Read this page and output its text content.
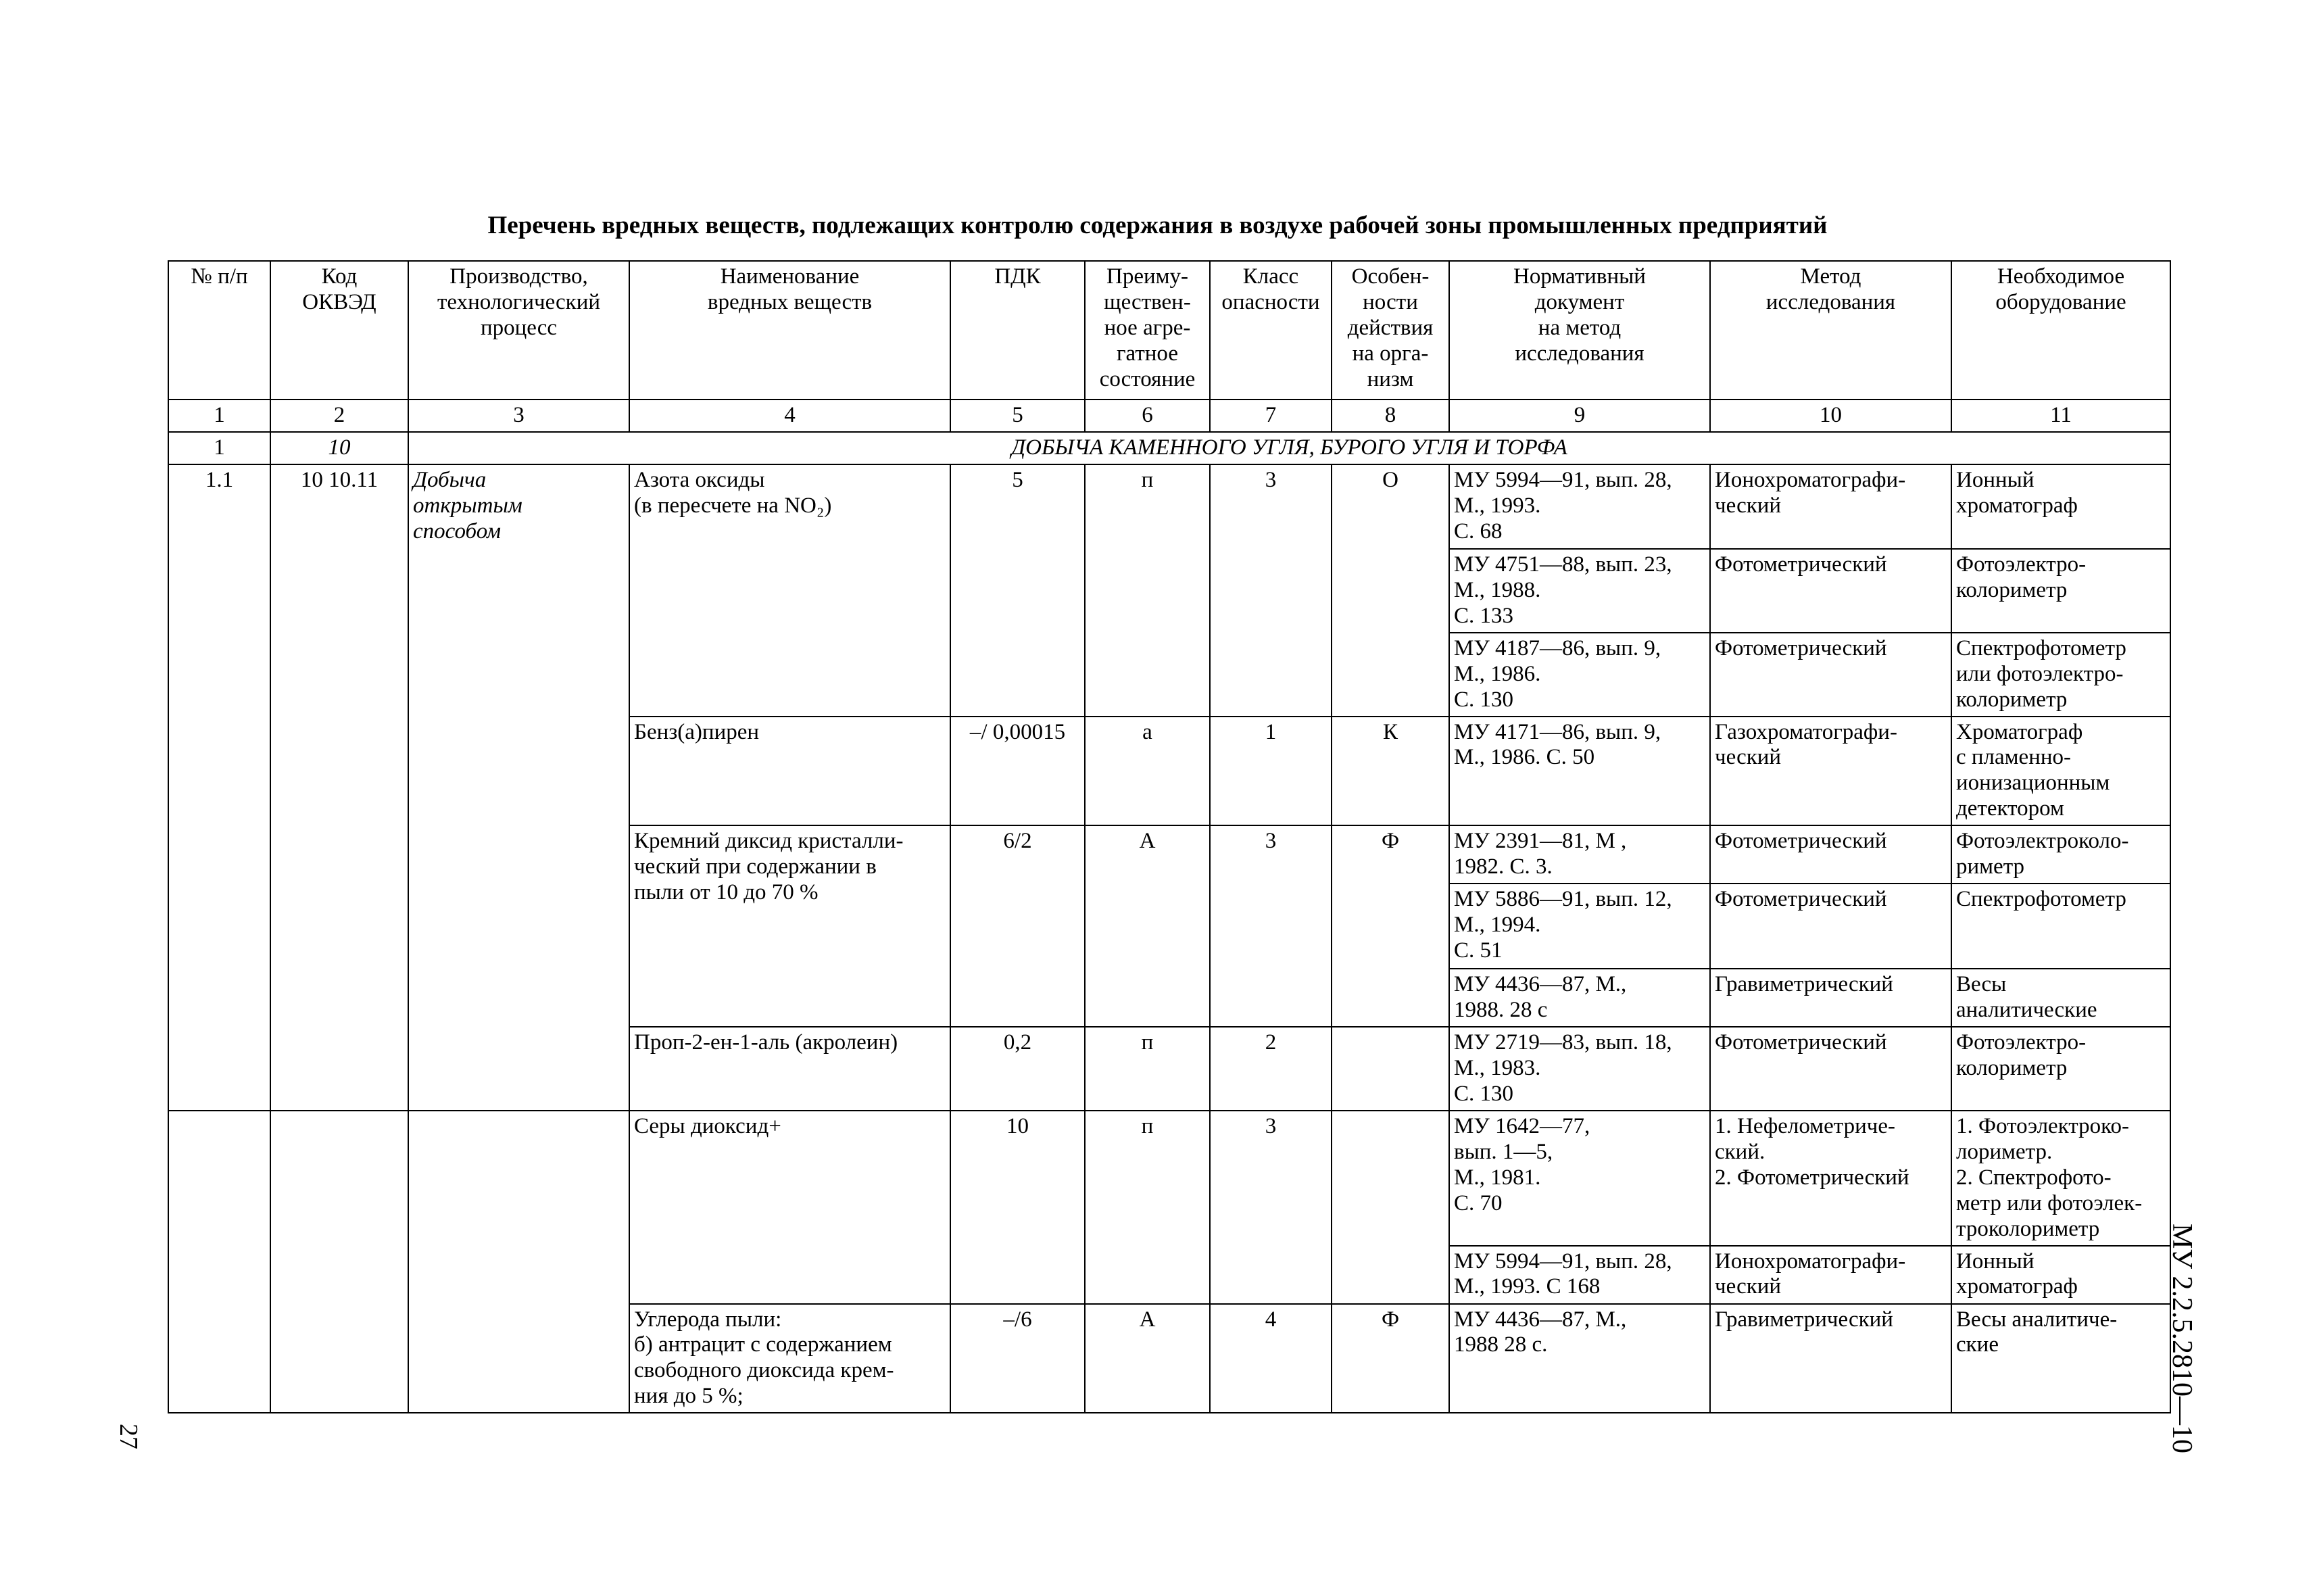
Перечень вредных веществ, подлежащих контролю содержания в воздухе рабочей зоны промышленных предприятий
№ п/п	Код
ОКВЭД	Производство,
технологический
процесс	Наименование
вредных веществ	ПДК	Преиму-
ществен-
ное агре-
гатное
состояние	Класс
опасности	Особен-
ности
действия
на орга-
низм	Нормативный
документ
на метод
исследования	Метод
исследования	Необходимое
оборудование
1	2	3	4	5	6	7	8	9	10	11
1	10	ДОБЫЧА КАМЕННОГО УГЛЯ, БУРОГО УГЛЯ И ТОРФА								
1.1	10 10.11	Добыча
открытым
способом	Азота оксиды
(в пересчете на NO₂)	5	п	3	О	МУ 5994—91, вып. 28,
М., 1993.
С. 68	Ионохроматографи-
ческий	Ионный
хроматограф
								МУ 4751—88, вып. 23,
М., 1988.
С. 133	Фотометрический	Фотоэлектро-
колориметр
								МУ 4187—86, вып. 9,
М., 1986.
С. 130	Фотометрический	Спектрофотометр
или фотоэлектро-
колориметр
			Бенз(а)пирен	–/ 0,00015	а	1	К	МУ 4171—86, вып. 9,
М., 1986. С. 50	Газохроматографи-
ческий	Хроматограф
с пламенно-
ионизационным
детектором
			Кремний диксид кристалли-
ческий при содержании в
пыли от 10 до 70 %	6/2	А	3	Ф	МУ 2391—81, М ,
1982. С. 3.	Фотометрический	Фотоэлектроколо-
риметр
								МУ 5886—91, вып. 12,
М., 1994.
С. 51	Фотометрический	Спектрофотометр
								МУ 4436—87, М.,
1988. 28 с	Гравиметрический	Весы
аналитические
			Проп-2-ен-1-аль (акролеин)	0,2	п	2		МУ 2719—83, вып. 18,
М., 1983.
С. 130	Фотометрический	Фотоэлектро-
колориметр
			Серы диоксид+	10	п	3		МУ 1642—77,
вып. 1—5,
М., 1981.
С. 70	1. Нефелометриче-
ский.
2. Фотометрический	1. Фотоэлектроко-
лориметр.
2. Спектрофото-
метр или фотоэлек-
троколориметр
								МУ 5994—91, вып. 28,
М., 1993. С 168	Ионохроматографи-
ческий	Ионный
хроматограф
			Углерода пыли:
б) антрацит с содержанием
свободного диоксида крем-
ния до 5 %;	–/6	А	4	Ф	МУ 4436—87, М.,
1988 28 с.	Гравиметрический	Весы аналитиче-
ские	МУ 2.2.5.2810—10
27
